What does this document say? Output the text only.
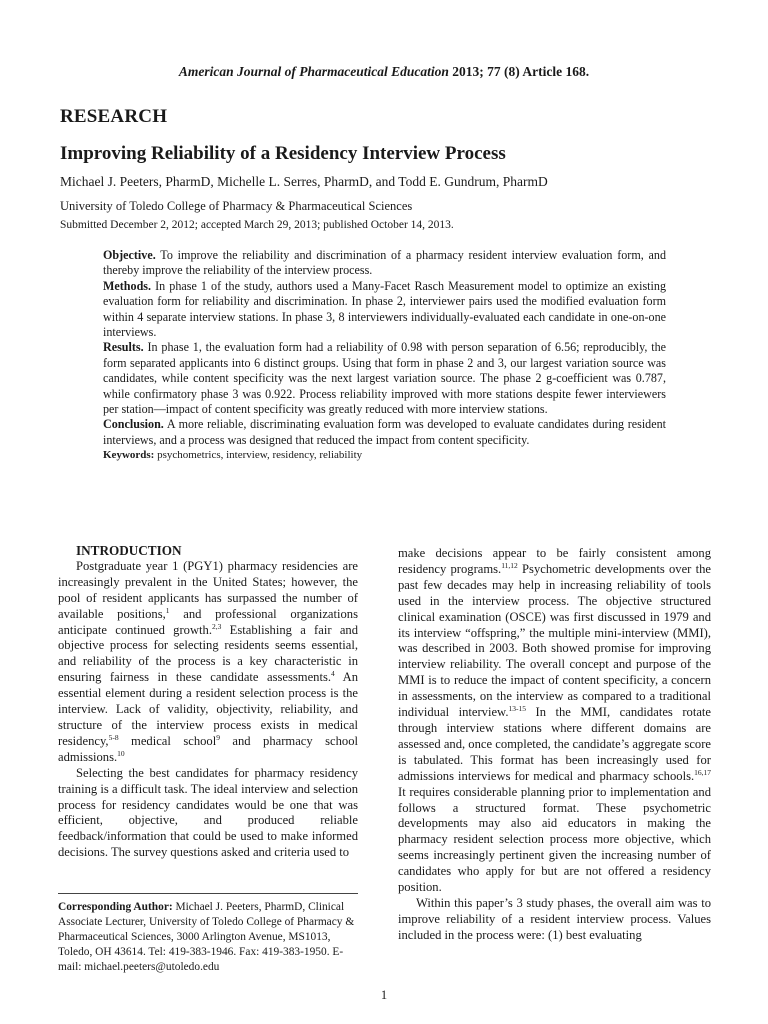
American Journal of Pharmaceutical Education 2013; 77 (8) Article 168.
RESEARCH
Improving Reliability of a Residency Interview Process
Michael J. Peeters, PharmD, Michelle L. Serres, PharmD, and Todd E. Gundrum, PharmD
University of Toledo College of Pharmacy & Pharmaceutical Sciences
Submitted December 2, 2012; accepted March 29, 2013; published October 14, 2013.

Objective. To improve the reliability and discrimination of a pharmacy resident interview evaluation form, and thereby improve the reliability of the interview process.

Methods. In phase 1 of the study, authors used a Many-Facet Rasch Measurement model to optimize an existing evaluation form for reliability and discrimination. In phase 2, interviewer pairs used the modified evaluation form within 4 separate interview stations. In phase 3, 8 interviewers individually-evaluated each candidate in one-on-one interviews.

Results. In phase 1, the evaluation form had a reliability of 0.98 with person separation of 6.56; reproducibly, the form separated applicants into 6 distinct groups. Using that form in phase 2 and 3, our largest variation source was candidates, while content specificity was the next largest variation source. The phase 2 g-coefficient was 0.787, while confirmatory phase 3 was 0.922. Process reliability improved with more stations despite fewer interviewers per station—impact of content specificity was greatly reduced with more interview stations.

Conclusion. A more reliable, discriminating evaluation form was developed to evaluate candidates during resident interviews, and a process was designed that reduced the impact from content specificity.

Keywords: psychometrics, interview, residency, reliability

INTRODUCTION

Postgraduate year 1 (PGY1) pharmacy residencies are increasingly prevalent in the United States; however, the pool of resident applicants has surpassed the number of available positions,$^1$ and professional organizations anticipate continued growth.$^{2,3}$ Establishing a fair and objective process for selecting residents seems essential, and reliability of the process is a key characteristic in ensuring fairness in these candidate assessments.$^4$ An essential element during a resident selection process is the interview. Lack of validity, objectivity, reliability, and structure of the interview process exists in medical residency,$^{5-8}$ medical school$^9$ and pharmacy school admissions.$^{10}$

Selecting the best candidates for pharmacy residency training is a difficult task. The ideal interview and selection process for residency candidates would be one that was efficient, objective, and produced reliable feedback/information that could be used to make informed decisions. The survey questions asked and criteria used to

make decisions appear to be fairly consistent among residency programs.$^{11,12}$ Psychometric developments over the past few decades may help in increasing reliability of tools used in the interview process. The objective structured clinical examination (OSCE) was first discussed in 1979 and its interview “offspring,” the multiple mini-interview (MMI), was described in 2003. Both showed promise for improving interview reliability. The overall concept and purpose of the MMI is to reduce the impact of content specificity, a concern in assessments, on the interview as compared to a traditional individual interview.$^{13-15}$ In the MMI, candidates rotate through interview stations where different domains are assessed and, once completed, the candidate’s aggregate score is tabulated. This format has been increasingly used for admissions interviews for medical and pharmacy schools.$^{16,17}$ It requires considerable planning prior to implementation and follows a structured format. These psychometric developments may also aid educators in making the pharmacy resident selection process more objective, which seems increasingly pertinent given the increasing number of candidates who apply for but are not offered a residency position.

Within this paper’s 3 study phases, the overall aim was to improve reliability of a resident interview process. Values included in the process were: (1) best evaluating

Corresponding Author: Michael J. Peeters, PharmD, Clinical Associate Lecturer, University of Toledo College of Pharmacy & Pharmaceutical Sciences, 3000 Arlington Avenue, MS1013, Toledo, OH 43614. Tel: 419-383-1946. Fax: 419-383-1950. E-mail: michael.peeters@utoledo.edu
1
